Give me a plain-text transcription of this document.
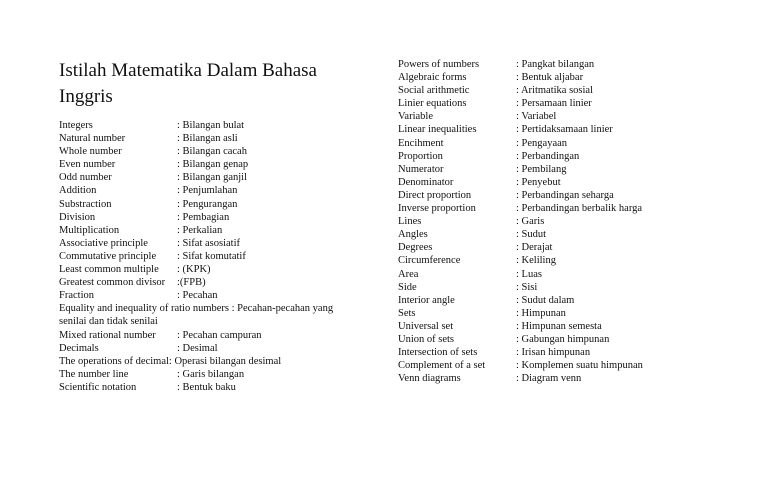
Istilah Matematika Dalam Bahasa Inggris
Integers	: Bilangan bulat
Natural number	: Bilangan asli
Whole number	: Bilangan cacah
Even number	: Bilangan genap
Odd number	: Bilangan ganjil
Addition	: Penjumlahan
Substraction	: Pengurangan
Division	: Pembagian
Multiplication	: Perkalian
Associative principle	: Sifat asosiatif
Commutative principle	: Sifat komutatif
Least common multiple	: (KPK)
Greatest common divisor	:(FPB)
Fraction	: Pecahan
Equality and inequality of ratio numbers : Pecahan-pecahan yang senilai dan tidak senilai
Mixed rational number	: Pecahan campuran
Decimals	: Desimal
The operations of decimal : Operasi bilangan desimal
The number line	: Garis bilangan
Scientific notation	: Bentuk baku
Powers of numbers	: Pangkat bilangan
Algebraic forms	: Bentuk aljabar
Social arithmetic	: Aritmatika sosial
Linier equations	: Persamaan linier
Variable	: Variabel
Linear inequalities	: Pertidaksamaan linier
Encihment	: Pengayaan
Proportion	: Perbandingan
Numerator	: Pembilang
Denominator	: Penyebut
Direct proportion	: Perbandingan seharga
Inverse proportion	: Perbandingan berbalik harga
Lines	: Garis
Angles	: Sudut
Degrees	: Derajat
Circumference	: Keliling
Area	: Luas
Side	: Sisi
Interior angle	: Sudut dalam
Sets	: Himpunan
Universal set	: Himpunan semesta
Union of sets	: Gabungan himpunan
Intersection of sets	: Irisan himpunan
Complement of a set	: Komplemen suatu himpunan
Venn diagrams	: Diagram venn
